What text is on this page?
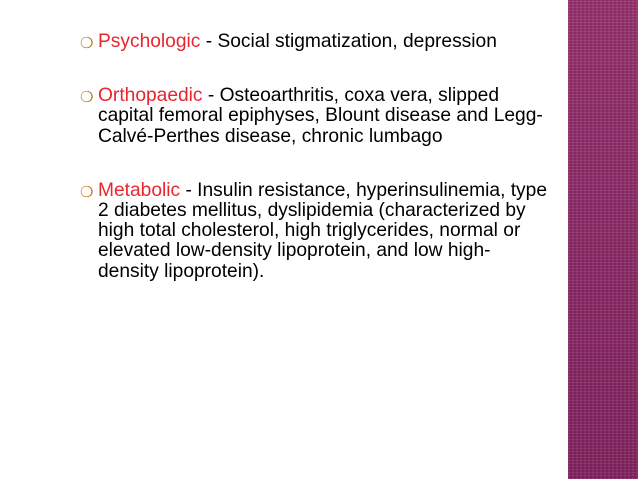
❍ Psychologic - Social stigmatization, depression

❍ Orthopaedic - Osteoarthritis, coxa vera, slipped capital femoral epiphyses, Blount disease and Legg-Calvé-Perthes disease, chronic lumbago

❍ Metabolic - Insulin resistance, hyperinsulinemia, type 2 diabetes mellitus, dyslipidemia (characterized by high total cholesterol, high triglycerides, normal or elevated low-density lipoprotein, and low high-density lipoprotein).
